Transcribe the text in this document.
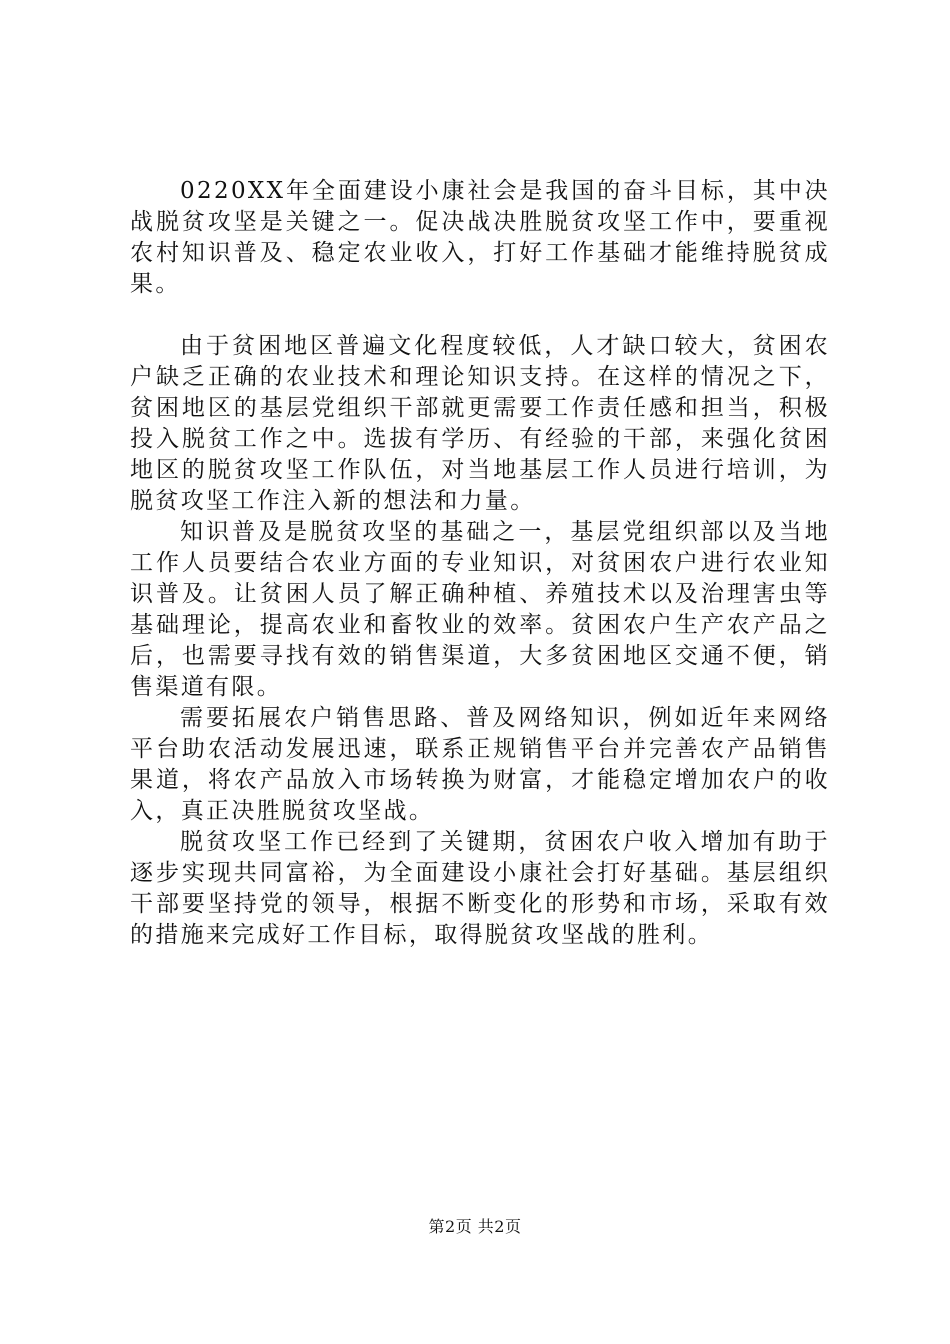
0220XX年全面建设小康社会是我国的奋斗目标，其中决战脱贫攻坚是关键之一。促决战决胜脱贫攻坚工作中，要重视农村知识普及、稳定农业收入，打好工作基础才能维持脱贫成果。

由于贫困地区普遍文化程度较低，人才缺口较大，贫困农户缺乏正确的农业技术和理论知识支持。在这样的情况之下，贫困地区的基层党组织干部就更需要工作责任感和担当，积极投入脱贫工作之中。选拔有学历、有经验的干部，来强化贫困地区的脱贫攻坚工作队伍，对当地基层工作人员进行培训，为脱贫攻坚工作注入新的想法和力量。

知识普及是脱贫攻坚的基础之一，基层党组织部以及当地工作人员要结合农业方面的专业知识，对贫困农户进行农业知识普及。让贫困人员了解正确种植、养殖技术以及治理害虫等基础理论，提高农业和畜牧业的效率。贫困农户生产农产品之后，也需要寻找有效的销售渠道，大多贫困地区交通不便，销售渠道有限。

需要拓展农户销售思路、普及网络知识，例如近年来网络平台助农活动发展迅速，联系正规销售平台并完善农产品销售果道，将农产品放入市场转换为财富，才能稳定增加农户的收入，真正决胜脱贫攻坚战。

脱贫攻坚工作已经到了关键期，贫困农户收入增加有助于逐步实现共同富裕，为全面建设小康社会打好基础。基层组织干部要坚持党的领导，根据不断变化的形势和市场，采取有效的措施来完成好工作目标，取得脱贫攻坚战的胜利。

第2页 共2页
